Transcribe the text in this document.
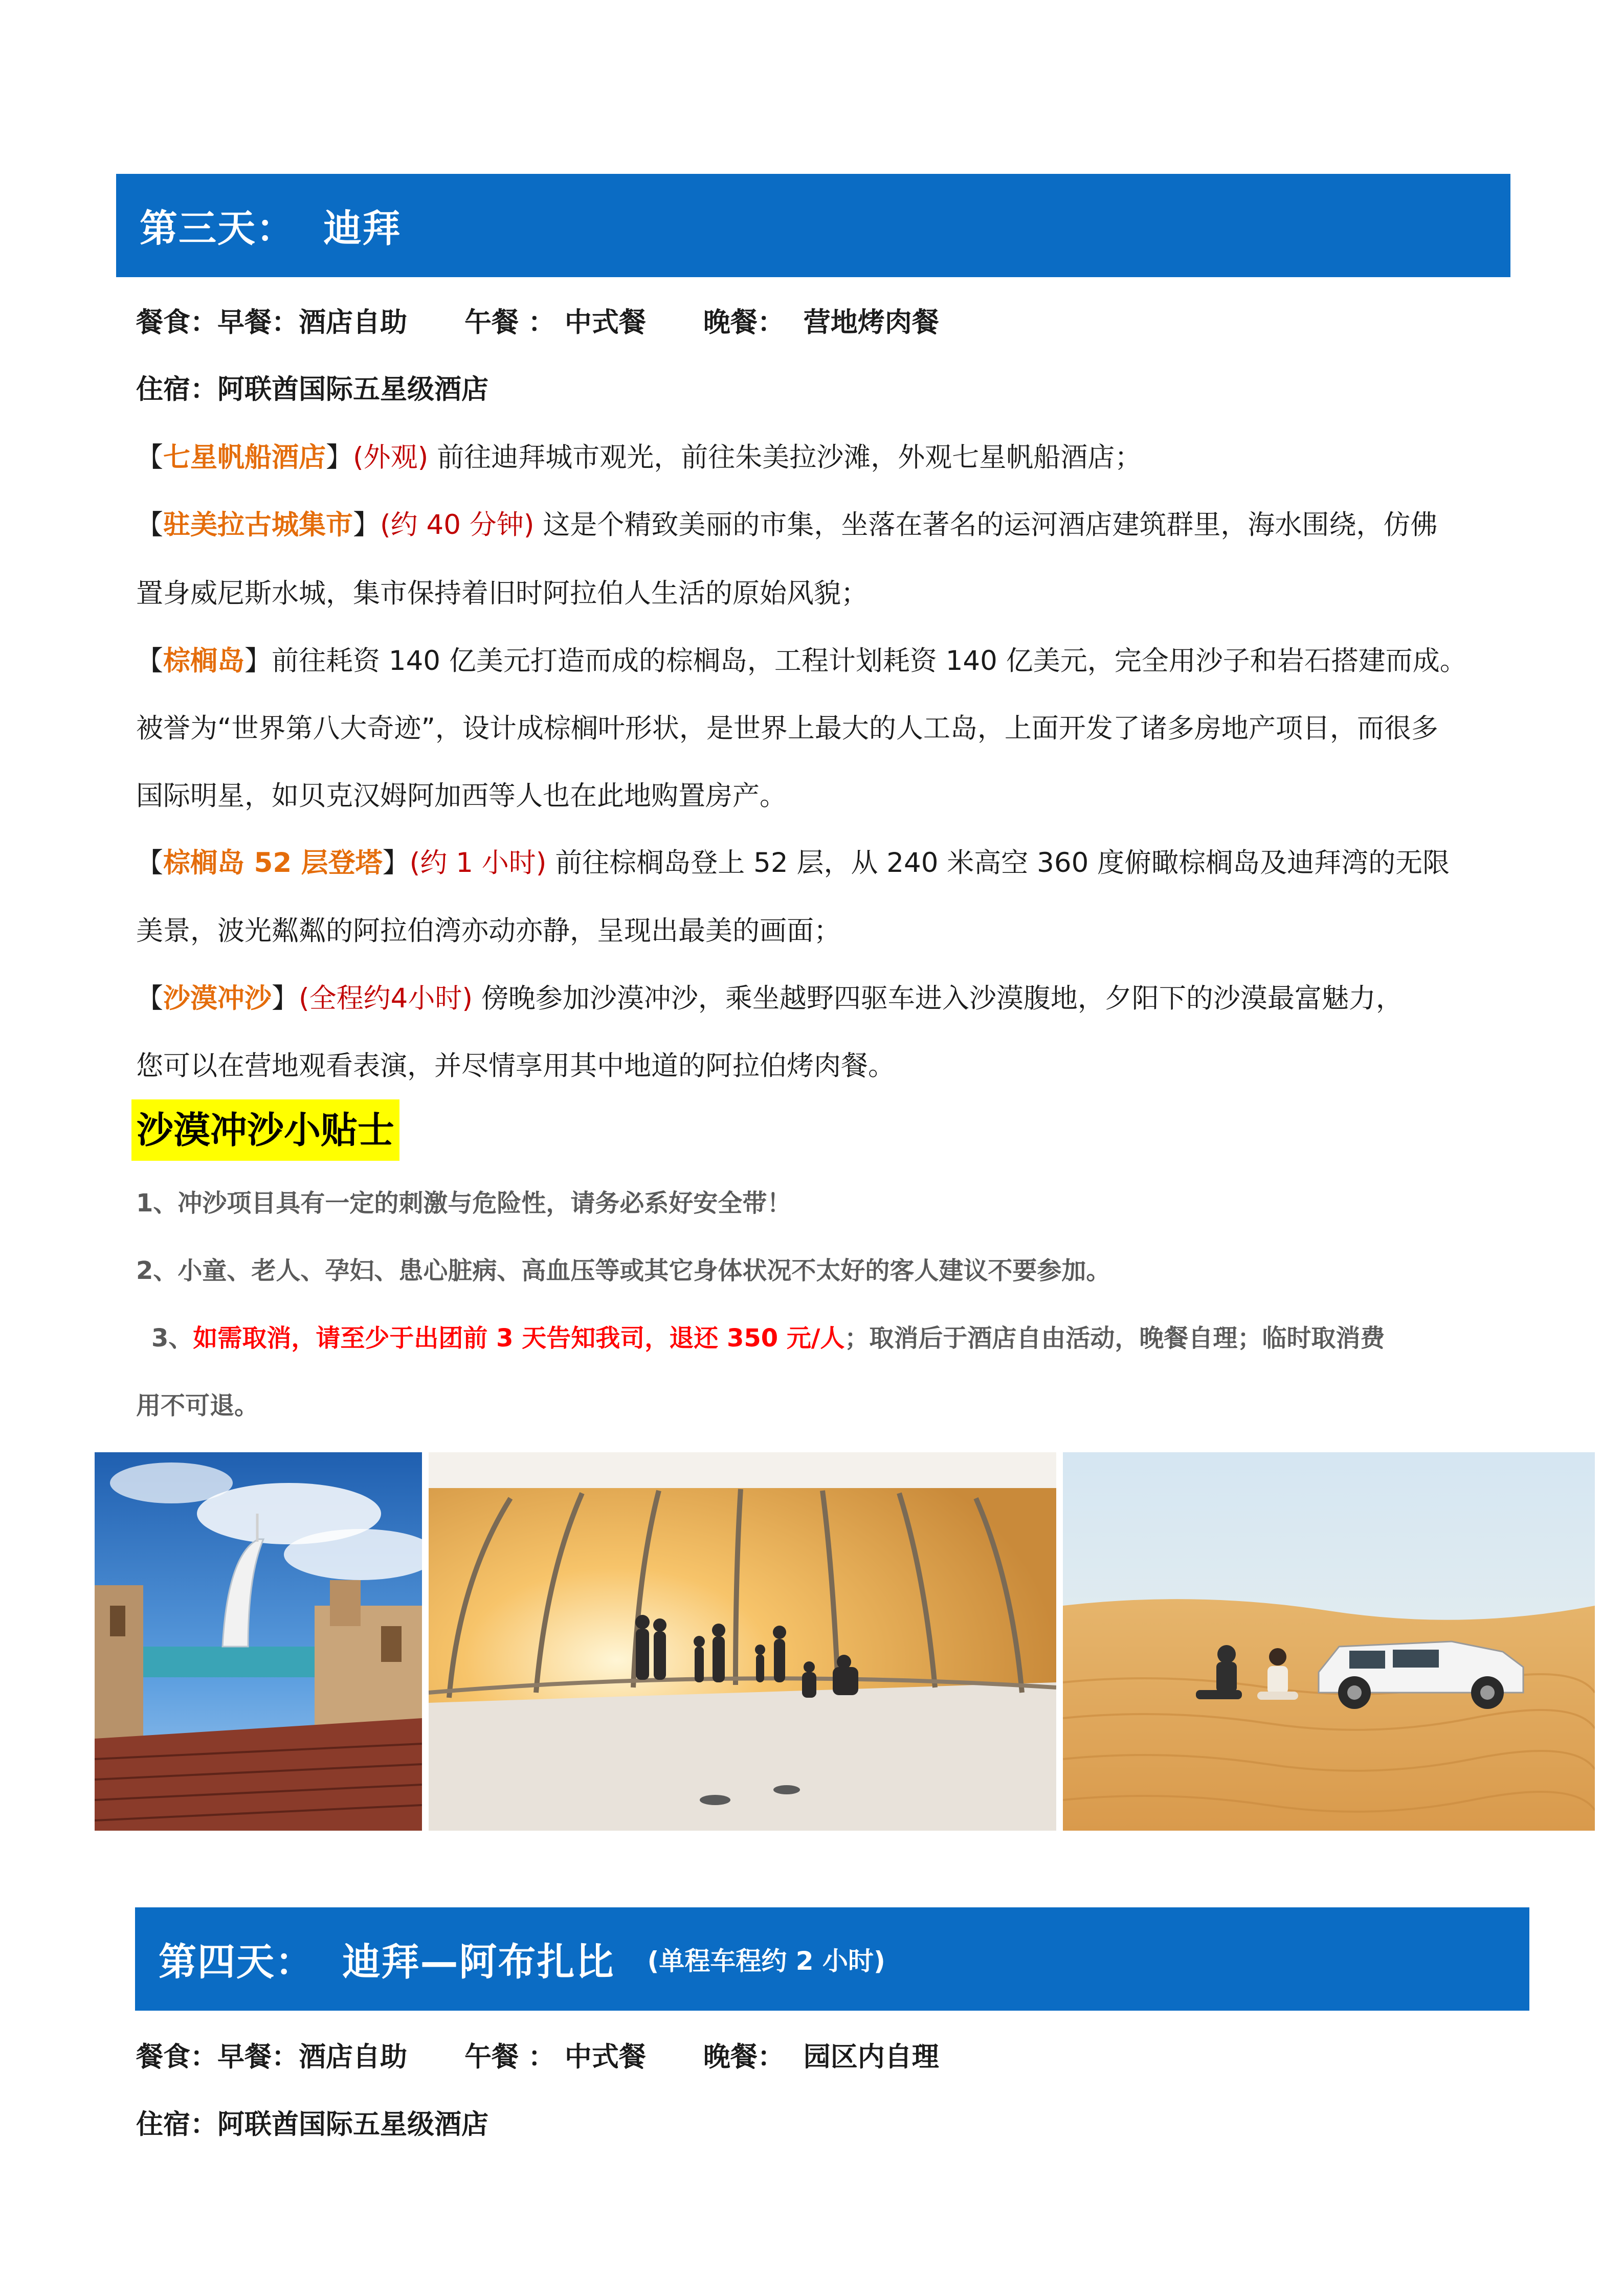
第三天：  迪拜
餐食：早餐：酒店自助 午餐 ： 中式餐 晚餐：  营地烤肉餐
住宿：阿联酋国际五星级酒店
【七星帆船酒店】(外观) 前往迪拜城市观光，前往朱美拉沙滩，外观七星帆船酒店；
【驻美拉古城集市】(约 40 分钟) 这是个精致美丽的市集，坐落在著名的运河酒店建筑群里，海水围绕，仿佛
置身威尼斯水城，集市保持着旧时阿拉伯人生活的原始风貌；
【棕榈岛】前往耗资 140 亿美元打造而成的棕榈岛，工程计划耗资 140 亿美元，完全用沙子和岩石搭建而成。
被誉为“世界第八大奇迹”，设计成棕榈叶形状，是世界上最大的人工岛，上面开发了诸多房地产项目，而很多
国际明星，如贝克汉姆阿加西等人也在此地购置房产。
【棕榈岛 52 层登塔】(约 1 小时) 前往棕榈岛登上 52 层，从 240 米高空 360 度俯瞰棕榈岛及迪拜湾的无限
美景，波光粼粼的阿拉伯湾亦动亦静，呈现出最美的画面；
【沙漠冲沙】(全程约4小时) 傍晚参加沙漠冲沙，乘坐越野四驱车进入沙漠腹地，夕阳下的沙漠最富魅力，
您可以在营地观看表演，并尽情享用其中地道的阿拉伯烤肉餐。
沙漠冲沙小贴士
1、冲沙项目具有一定的刺激与危险性，请务必系好安全带！
2、小童、老人、孕妇、患心脏病、高血压等或其它身体状况不太好的客人建议不要参加。
3、如需取消，请至少于出团前 3 天告知我司，退还 350 元/人；取消后于酒店自由活动，晚餐自理；临时取消费
用不可退。
第四天：  迪拜—阿布扎比 (单程车程约 2 小时)
餐食：早餐：酒店自助 午餐 ： 中式餐 晚餐：  园区内自理
住宿：阿联酋国际五星级酒店
